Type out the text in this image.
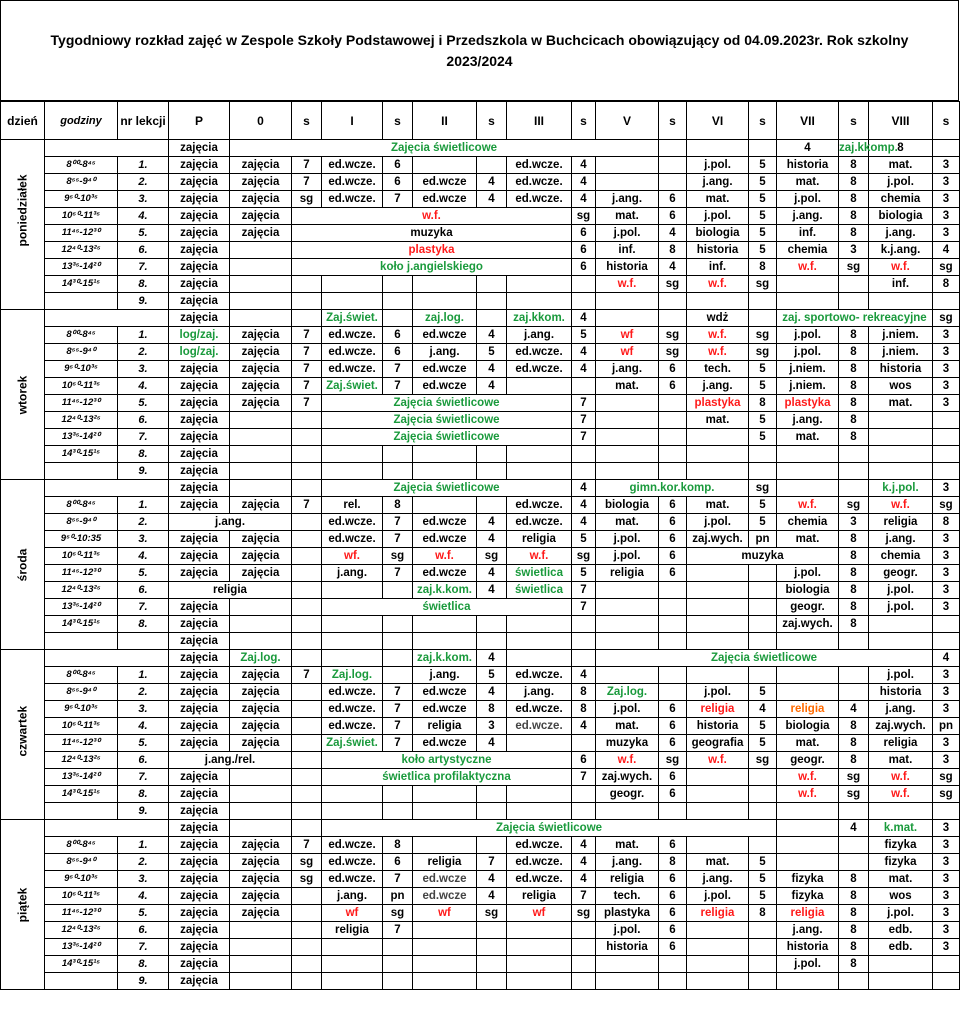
Tygodniowy rozkład zajęć w Zespole Szkoły Podstawowej i Przedszkola w Buchcicach obowiązujący od 04.09.2023r. Rok szkolny 2023/2024
dzień	godziny	nr lekcji	P	0	s	I	s	II	s	III	s	V	s	VI	s	VII	s	VIII	s	

poniedziałek			zajęcia	Zajęcia świetlicowe												4	zaj.kkomp.	8		
	8⁰⁰-8⁴⁵	1.	zajęcia	zajęcia	7	ed.wcze.	6			ed.wcze.	4			j.pol.	5	historia	8	mat.	3	
	8⁵⁵-9⁴⁰	2.	zajęcia	zajęcia	7	ed.wcze.	6	ed.wcze	4	ed.wcze.	4			j.ang.	5	mat.	8	j.pol.	3	
	9⁵⁰-10³⁵	3.	zajęcia	zajęcia	sg	ed.wcze.	7	ed.wcze	4	ed.wcze.	4	j.ang.	6	mat.	5	j.pol.	8	chemia	3	
	10⁵⁰-11³⁵	4.	zajęcia	zajęcia	w.f.						sg	mat.	6	j.pol.	5	j.ang.	8	biologia	3	
	11⁴⁵-12³⁰	5.	zajęcia	zajęcia	muzyka						6	j.pol.	4	biologia	5	inf.	8	j.ang.	3	
	12⁴⁰-13²⁵	6.	zajęcia		plastyka						6	inf.	8	historia	5	chemia	3	k.j.ang.	4	
	13³⁵-14²⁰	7.	zajęcia		koło j.angielskiego						6	historia	4	inf.	8	w.f.	sg	w.f.	sg	
	14³⁰-15¹⁵	8.	zajęcia									w.f.	sg	w.f.	sg			inf.	8	
		9.	zajęcia																	

wtorek			zajęcia			Zaj.świet.		zaj.log.		zaj.kkom.	4			wdż		zaj. sportowo- rekreacyjne			sg	
	8⁰⁰-8⁴⁵	1.	log/zaj.	zajęcia	7	ed.wcze.	6	ed.wcze	4	j.ang.	5	wf	sg	w.f.	sg	j.pol.	8	j.niem.	3	
	8⁵⁵-9⁴⁰	2.	log/zaj.	zajęcia	7	ed.wcze.	6	j.ang.	5	ed.wcze.	4	wf	sg	w.f.	sg	j.pol.	8	j.niem.	3	
	9⁵⁰-10³⁵	3.	zajęcia	zajęcia	7	ed.wcze.	7	ed.wcze	4	ed.wcze.	4	j.ang.	6	tech.	5	j.niem.	8	historia	3	
	10⁵⁰-11³⁵	4.	zajęcia	zajęcia	7	Zaj.świet.	7	ed.wcze	4			mat.	6	j.ang.	5	j.niem.	8	wos	3	
	11⁴⁵-12³⁰	5.	zajęcia	zajęcia	7	Zajęcia świetlicowe					7			plastyka	8	plastyka	8	mat.	3	
	12⁴⁰-13²⁵	6.	zajęcia			Zajęcia świetlicowe					7			mat.	5	j.ang.	8			
	13³⁵-14²⁰	7.	zajęcia			Zajęcia świetlicowe					7				5	mat.	8			
	14³⁰-15¹⁵	8.	zajęcia																	
		9.	zajęcia																	

środa			zajęcia			Zajęcia świetlicowe					4	gimn.kor.komp.			sg			k.j.pol.	3	
	8⁰⁰-8⁴⁵	1.	zajęcia	zajęcia	7	rel.	8			ed.wcze.	4	biologia	6	mat.	5	w.f.	sg	w.f.	sg	
	8⁵⁵-9⁴⁰	2.	j.ang.			ed.wcze.	7	ed.wcze	4	ed.wcze.	4	mat.	6	j.pol.	5	chemia	3	religia	8	
	9⁵⁰-10:35	3.	zajęcia	zajęcia		ed.wcze.	7	ed.wcze	4	religia	5	j.pol.	6	zaj.wych.	pn	mat.	8	j.ang.	3	
	10⁵⁰-11³⁵	4.	zajęcia	zajęcia		wf.	sg	w.f.	sg	w.f.	sg	j.pol.	6	muzyka			8	chemia	3	
	11⁴⁵-12³⁰	5.	zajęcia	zajęcia		j.ang.	7	ed.wcze	4	świetlica	5	religia	6			j.pol.	8	geogr.	3	
	12⁴⁰-13²⁵	6.	religia					zaj.k.kom.	4	świetlica	7					biologia	8	j.pol.	3	
	13³⁵-14²⁰	7.	zajęcia			świetlica					7					geogr.	8	j.pol.	3	
	14³⁰-15¹⁵	8.	zajęcia													zaj.wych.	8			
			zajęcia																	

czwartek			zajęcia	Zaj.log.				zaj.k.kom.	4			Zajęcia świetlicowe							4	
	8⁰⁰-8⁴⁵	1.	zajęcia	zajęcia	7	Zaj.log.		j.ang.	5	ed.wcze.	4							j.pol.	3	
	8⁵⁵-9⁴⁰	2.	zajęcia	zajęcia		ed.wcze.	7	ed.wcze	4	j.ang.	8	Zaj.log.		j.pol.	5			historia	3	
	9⁵⁰-10³⁵	3.	zajęcia	zajęcia		ed.wcze.	7	ed.wcze	8	ed.wcze.	8	j.pol.	6	religia	4	religia	4	j.ang.	3	
	10⁵⁰-11³⁵	4.	zajęcia	zajęcia		ed.wcze.	7	religia	3	ed.wcze.	4	mat.	6	historia	5	biologia	8	zaj.wych.	pn	
	11⁴⁵-12³⁰	5.	zajęcia	zajęcia		Zaj.świet.	7	ed.wcze	4			muzyka	6	geografia	5	mat.	8	religia	3	
	12⁴⁰-13²⁵	6.	j.ang./rel.			koło artystyczne					6	w.f.	sg	w.f.	sg	geogr.	8	mat.	3	
	13³⁵-14²⁰	7.	zajęcia			świetlica profilaktyczna					7	zaj.wych.	6			w.f.	sg	w.f.	sg	
	14³⁰-15¹⁵	8.	zajęcia									geogr.	6			w.f.	sg	w.f.	sg	
		9.	zajęcia																	

piątek			zajęcia			Zajęcia świetlicowe											4	k.mat.	3	
	8⁰⁰-8⁴⁵	1.	zajęcia	zajęcia	7	ed.wcze.	8			ed.wcze.	4	mat.	6					fizyka	3	
	8⁵⁵-9⁴⁰	2.	zajęcia	zajęcia	sg	ed.wcze.	6	religia	7	ed.wcze.	4	j.ang.	8	mat.	5			fizyka	3	
	9⁵⁰-10³⁵	3.	zajęcia	zajęcia	sg	ed.wcze.	7	ed.wcze	4	ed.wcze.	4	religia	6	j.ang.	5	fizyka	8	mat.	3	
	10⁵⁰-11³⁵	4.	zajęcia	zajęcia		j.ang.	pn	ed.wcze	4	religia	7	tech.	6	j.pol.	5	fizyka	8	wos	3	
	11⁴⁵-12³⁰	5.	zajęcia	zajęcia		wf	sg	wf	sg	wf	sg	plastyka	6	religia	8	religia	8	j.pol.	3	
	12⁴⁰-13²⁵	6.	zajęcia			religia	7					j.pol.	6			j.ang.	8	edb.	3	
	13³⁵-14²⁰	7.	zajęcia									historia	6			historia	8	edb.	3	
	14³⁰-15¹⁵	8.	zajęcia													j.pol.	8			
		9.	zajęcia																	
